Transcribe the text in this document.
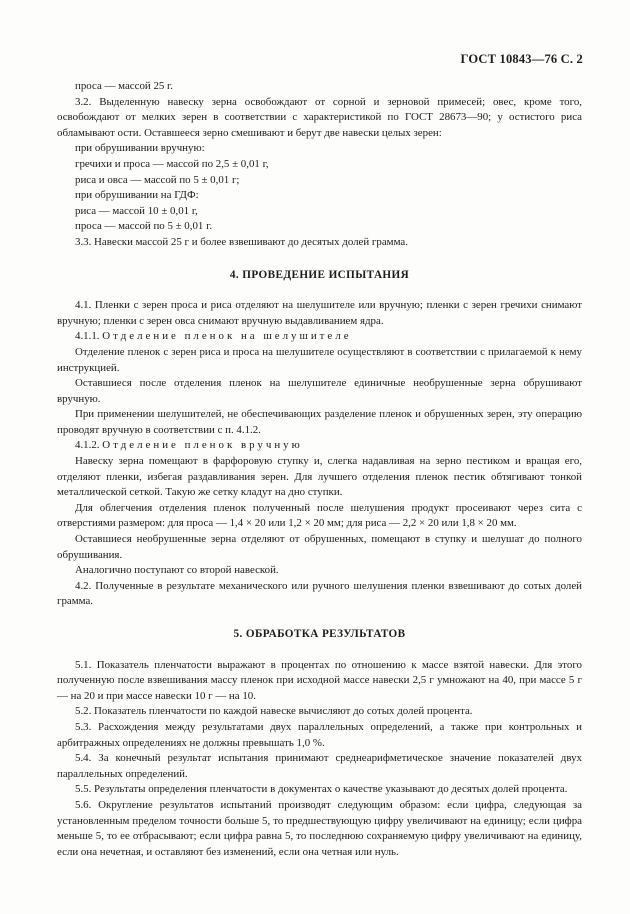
ГОСТ 10843—76 С. 2

проса — массой 25 г.

3.2. Выделенную навеску зерна освобождают от сорной и зерновой примесей; овес, кроме того, освобождают от мелких зерен в соответствии с характеристикой по ГОСТ 28673—90; у остистого риса обламывают ости. Оставшееся зерно смешивают и берут две навески целых зерен:

при обрушивании вручную:

гречихи и проса — массой по 2,5 ± 0,01 г,

риса и овса — массой по 5 ± 0,01 г;

при обрушивании на ГДФ:

риса — массой 10 ± 0,01 г,

проса — массой по 5 ± 0,01 г.

3.3. Навески массой 25 г и более взвешивают до десятых долей грамма.

4. ПРОВЕДЕНИЕ ИСПЫТАНИЯ

4.1. Пленки с зерен проса и риса отделяют на шелушителе или вручную; пленки с зерен гречихи снимают вручную; пленки с зерен овса снимают вручную выдавливанием ядра.

4.1.1. Отделение пленок на шелушителе

Отделение пленок с зерен риса и проса на шелушителе осуществляют в соответствии с прилагаемой к нему инструкцией.

Оставшиеся после отделения пленок на шелушителе единичные необрушенные зерна обрушивают вручную.

При применении шелушителей, не обеспечивающих разделение пленок и обрушенных зерен, эту операцию проводят вручную в соответствии с п. 4.1.2.

4.1.2. Отделение пленок вручную

Навеску зерна помещают в фарфоровую ступку и, слегка надавливая на зерно пестиком и вращая его, отделяют пленки, избегая раздавливания зерен. Для лучшего отделения пленок пестик обтягивают тонкой металлической сеткой. Такую же сетку кладут на дно ступки.

Для облегчения отделения пленок полученный после шелушения продукт просеивают через сита с отверстиями размером: для проса — 1,4 × 20 или 1,2 × 20 мм; для риса — 2,2 × 20 или 1,8 × 20 мм.

Оставшиеся необрушенные зерна отделяют от обрушенных, помещают в ступку и шелушат до полного обрушивания.

Аналогично поступают со второй навеской.

4.2. Полученные в результате механического или ручного шелушения пленки взвешивают до сотых долей грамма.

5. ОБРАБОТКА РЕЗУЛЬТАТОВ

5.1. Показатель пленчатости выражают в процентах по отношению к массе взятой навески. Для этого полученную после взвешивания массу пленок при исходной массе навески 2,5 г умножают на 40, при массе 5 г — на 20 и при массе навески 10 г — на 10.

5.2. Показатель пленчатости по каждой навеске вычисляют до сотых долей процента.

5.3. Расхождения между результатами двух параллельных определений, а также при контрольных и арбитражных определениях не должны превышать 1,0 %.

5.4. За конечный результат испытания принимают среднеарифметическое значение показателей двух параллельных определений.

5.5. Результаты определения пленчатости в документах о качестве указывают до десятых долей процента.

5.6. Округление результатов испытаний производят следующим образом: если цифра, следующая за установленным пределом точности больше 5, то предшествующую цифру увеличивают на единицу; если цифра меньше 5, то ее отбрасывают; если цифра равна 5, то последнюю сохраняемую цифру увеличивают на единицу, если она нечетная, и оставляют без изменений, если она четная или нуль.
